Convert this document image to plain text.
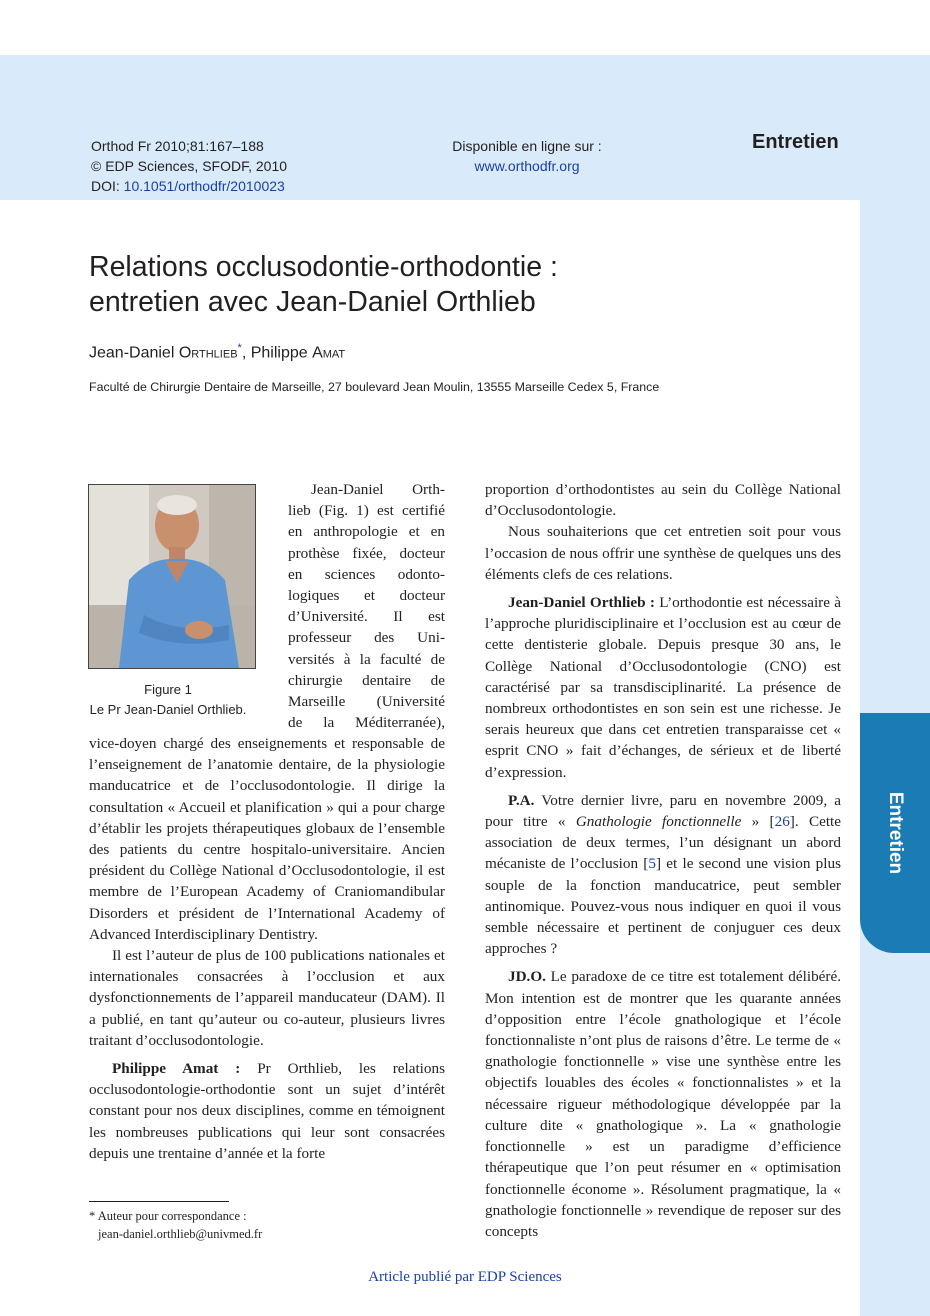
Orthod Fr 2010;81:167–188
© EDP Sciences, SFODF, 2010
DOI: 10.1051/orthodfr/2010023
Disponible en ligne sur :
www.orthodfr.org
Entretien
Relations occlusodontie-orthodontie :
entretien avec Jean-Daniel Orthlieb
Jean-Daniel Orthlieb*, Philippe Amat
Faculté de Chirurgie Dentaire de Marseille, 27 boulevard Jean Moulin, 13555 Marseille Cedex 5, France
Figure 1
Le Pr Jean-Daniel Orthlieb.

Jean-Daniel Orth-

lieb (Fig. 1) est certifié

en anthropologie et en

prothèse fixée, docteur

en sciences odonto-

logiques et docteur

d’Université. Il est

professeur des Uni-

versités à la faculté de

chirurgie dentaire de

Marseille (Université

de la Méditerranée),

vice-doyen chargé des enseignements et responsable de l’enseignement de l’anatomie dentaire, de la physiologie manducatrice et de l’occlusodontologie. Il dirige la consultation « Accueil et planification » qui a pour charge d’établir les projets thérapeutiques globaux de l’ensemble des patients du centre hospitalo-universitaire. Ancien président du Collège National d’Occlusodontologie, il est membre de l’European Academy of Craniomandibular Disorders et président de l’International Academy of Advanced Interdisciplinary Dentistry.

Il est l’auteur de plus de 100 publications nationales et internationales consacrées à l’occlusion et aux dysfonctionnements de l’appareil manducateur (DAM). Il a publié, en tant qu’auteur ou co-auteur, plusieurs livres traitant d’occlusodontologie.

Philippe Amat : Pr Orthlieb, les relations occlusodontologie-orthodontie sont un sujet d’intérêt constant pour nos deux disciplines, comme en témoignent les nombreuses publications qui leur sont consacrées depuis une trentaine d’année et la forte

proportion d’orthodontistes au sein du Collège National d’Occlusodontologie.

Nous souhaiterions que cet entretien soit pour vous l’occasion de nous offrir une synthèse de quelques uns des éléments clefs de ces relations.

Jean-Daniel Orthlieb : L’orthodontie est nécessaire à l’approche pluridisciplinaire et l’occlusion est au cœur de cette dentisterie globale. Depuis presque 30 ans, le Collège National d’Occlusodontologie (CNO) est caractérisé par sa transdisciplinarité. La présence de nombreux orthodontistes en son sein est une richesse. Je serais heureux que dans cet entretien transparaisse cet « esprit CNO » fait d’échanges, de sérieux et de liberté d’expression.

P.A. Votre dernier livre, paru en novembre 2009, a pour titre « Gnathologie fonctionnelle » [26]. Cette association de deux termes, l’un désignant un abord mécaniste de l’occlusion [5] et le second une vision plus souple de la fonction manducatrice, peut sembler antinomique. Pouvez-vous nous indiquer en quoi il vous semble nécessaire et pertinent de conjuguer ces deux approches ?

JD.O. Le paradoxe de ce titre est totalement délibéré. Mon intention est de montrer que les quarante années d’opposition entre l’école gnathologique et l’école fonctionnaliste n’ont plus de raisons d’être. Le terme de « gnathologie fonctionnelle » vise une synthèse entre les objectifs louables des écoles « fonctionnalistes » et la nécessaire rigueur méthodologique développée par la culture dite « gnathologique ». La « gnathologie fonctionnelle » est un paradigme d’efficience thérapeutique que l’on peut résumer en « optimisation fonctionnelle économe ». Résolument pragmatique, la « gnathologie fonctionnelle » revendique de reposer sur des concepts

* Auteur pour correspondance :
jean-daniel.orthlieb@univmed.fr
Article publié par EDP Sciences
Entretien
